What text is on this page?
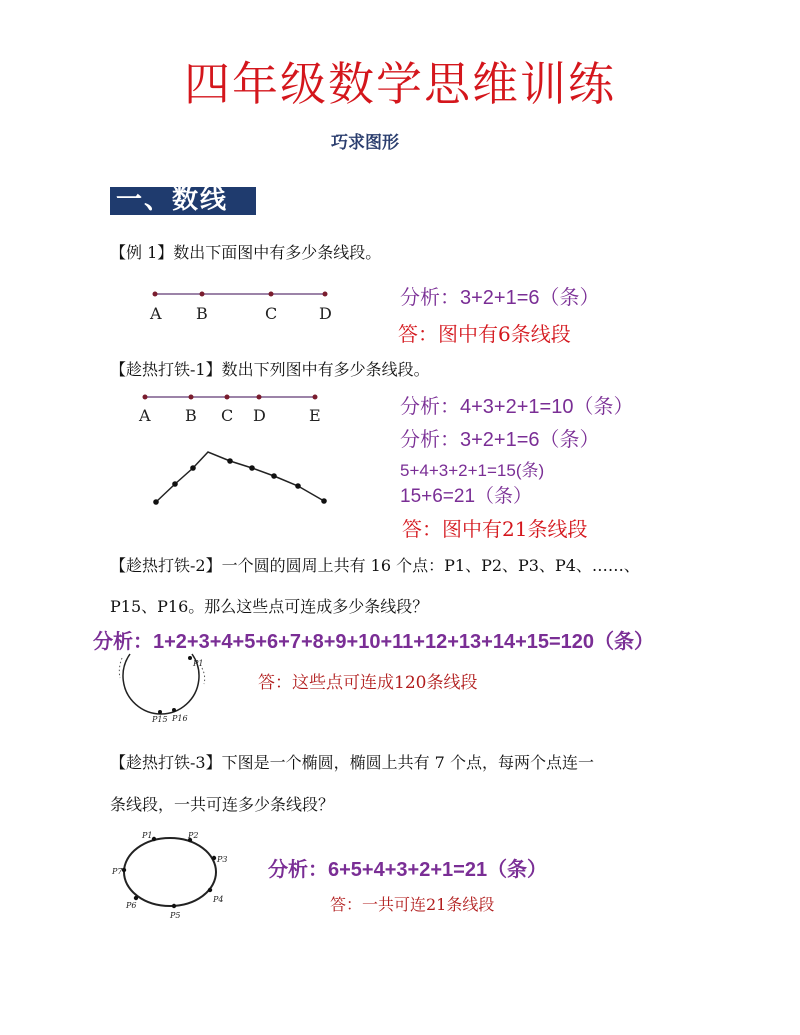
四年级数学思维训练
巧求图形
一、数线
【例 1】数出下面图中有多少条线段。
A B	C	D
分析：3+2+1=6（条）
答：图中有6条线段
【趁热打铁-1】数出下列图中有多少条线段。
A B C D	E	分析：4+3+2+1=10（条）
分析：3+2+1=6（条）
5+4+3+2+1=15(条)
15+6=21（条）
答：图中有21条线段
【趁热打铁-2】一个圆的圆周上共有 16 个点：P1、P2、P3、P4、……、
P15、P16。那么这些点可连成多少条线段？
分析：1+2+3+4+5+6+7+8+9+10+11+12+13+14+15=120（条）
P1
P15 P16
答：这些点可连成120条线段
【趁热打铁-3】下图是一个椭圆，椭圆上共有 7 个点，每两个点连一
条线段，一共可连多少条线段？
P1	P2
P3
P4
P5
P6
P7	分析：6+5+4+3+2+1=21（条）
答：一共可连21条线段
